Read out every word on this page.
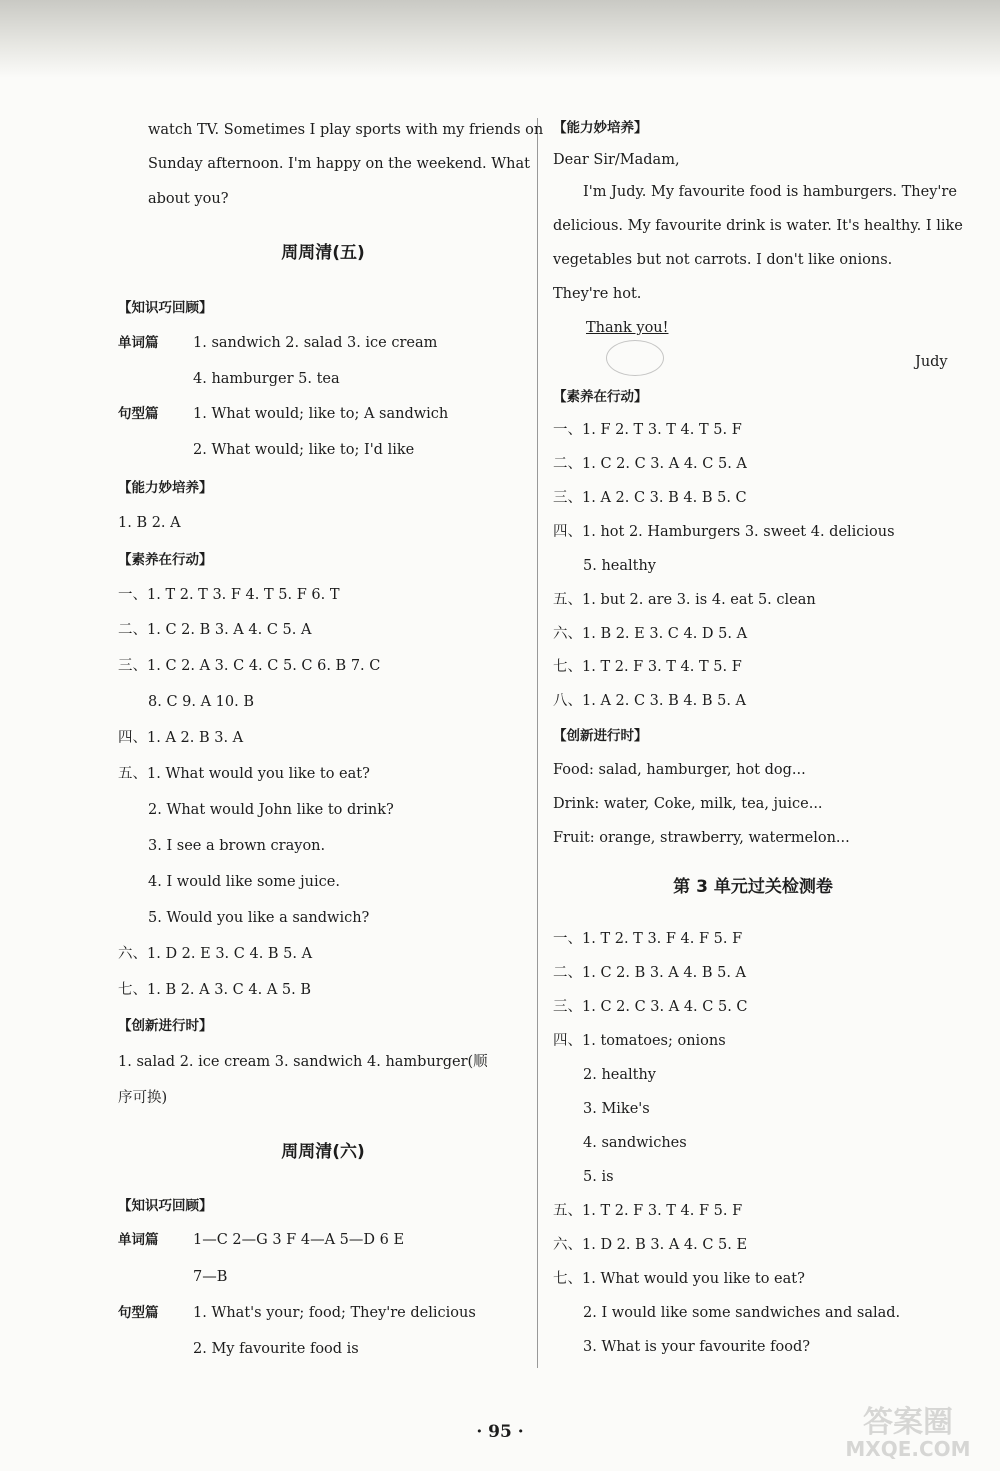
watch TV. Sometimes I play sports with my friends on
Sunday afternoon. I'm happy on the weekend. What
about you?
周周清(五)
【知识巧回顾】
单词篇 1. sandwich 2. salad 3. ice cream
4. hamburger 5. tea
句型篇 1. What would; like to; A sandwich
2. What would; like to; I'd like
【能力妙培养】
1. B 2. A
【素养在行动】
一、1. T 2. T 3. F 4. T 5. F 6. T
二、1. C 2. B 3. A 4. C 5. A
三、1. C 2. A 3. C 4. C 5. C 6. B 7. C
8. C 9. A 10. B
四、1. A 2. B 3. A
五、1. What would you like to eat?
2. What would John like to drink?
3. I see a brown crayon.
4. I would like some juice.
5. Would you like a sandwich?
六、1. D 2. E 3. C 4. B 5. A
七、1. B 2. A 3. C 4. A 5. B
【创新进行时】
1. salad 2. ice cream 3. sandwich 4. hamburger(顺
序可换)
周周清(六)
【知识巧回顾】
单词篇 1—C 2—G 3 F 4—A 5—D 6 E
7—B
句型篇 1. What's your; food; They're delicious
2. My favourite food is
【能力妙培养】
Dear Sir/Madam,
I'm Judy. My favourite food is hamburgers. They're
delicious. My favourite drink is water. It's healthy. I like
vegetables but not carrots. I don't like onions.
They're hot.
Thank you!
Judy
【素养在行动】
一、1. F 2. T 3. T 4. T 5. F
二、1. C 2. C 3. A 4. C 5. A
三、1. A 2. C 3. B 4. B 5. C
四、1. hot 2. Hamburgers 3. sweet 4. delicious
5. healthy
五、1. but 2. are 3. is 4. eat 5. clean
六、1. B 2. E 3. C 4. D 5. A
七、1. T 2. F 3. T 4. T 5. F
八、1. A 2. C 3. B 4. B 5. A
【创新进行时】
Food: salad, hamburger, hot dog...
Drink: water, Coke, milk, tea, juice...
Fruit: orange, strawberry, watermelon...
第 3 单元过关检测卷
一、1. T 2. T 3. F 4. F 5. F
二、1. C 2. B 3. A 4. B 5. A
三、1. C 2. C 3. A 4. C 5. C
四、1. tomatoes; onions
2. healthy
3. Mike's
4. sandwiches
5. is
五、1. T 2. F 3. T 4. F 5. F
六、1. D 2. B 3. A 4. C 5. E
七、1. What would you like to eat?
2. I would like some sandwiches and salad.
3. What is your favourite food?
· 95 ·	答案圈
MXQE.COM
